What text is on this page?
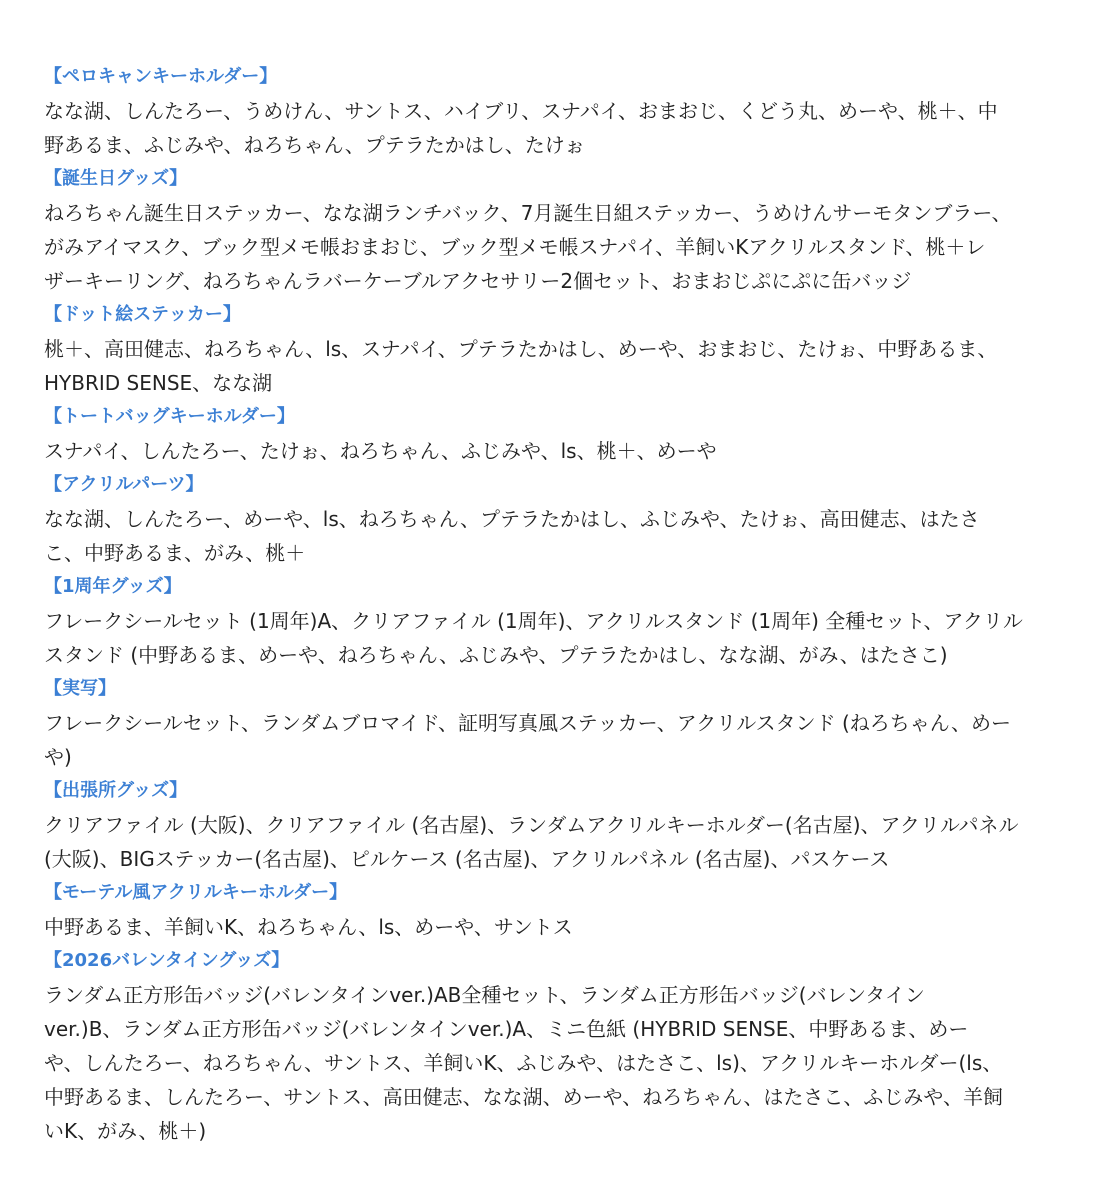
【ペロキャンキーホルダー】
なな湖、しんたろー、うめけん、サントス、ハイブリ、スナパイ、おまおじ、くどう丸、めーや、桃＋、中
野あるま、ふじみや、ねろちゃん、プテラたかはし、たけぉ
【誕生日グッズ】
ねろちゃん誕生日ステッカー、なな湖ランチバック、7月誕生日組ステッカー、うめけんサーモタンブラー、
がみアイマスク、ブック型メモ帳おまおじ、ブック型メモ帳スナパイ、羊飼いKアクリルスタンド、桃＋レ
ザーキーリング、ねろちゃんラバーケーブルアクセサリー2個セット、おまおじぷにぷに缶バッジ
【ドット絵ステッカー】
桃＋、高田健志、ねろちゃん、ls、スナパイ、プテラたかはし、めーや、おまおじ、たけぉ、中野あるま、
HYBRID SENSE、なな湖
【トートバッグキーホルダー】
スナパイ、しんたろー、たけぉ、ねろちゃん、ふじみや、ls、桃＋、めーや
【アクリルパーツ】
なな湖、しんたろー、めーや、ls、ねろちゃん、プテラたかはし、ふじみや、たけぉ、高田健志、はたさ
こ、中野あるま、がみ、桃＋
【1周年グッズ】
フレークシールセット (1周年)A、クリアファイル (1周年)、アクリルスタンド (1周年) 全種セット、アクリル
スタンド (中野あるま、めーや、ねろちゃん、ふじみや、プテラたかはし、なな湖、がみ、はたさこ)
【実写】
フレークシールセット、ランダムブロマイド、証明写真風ステッカー、アクリルスタンド (ねろちゃん、めー
や)
【出張所グッズ】
クリアファイル (大阪)、クリアファイル (名古屋)、ランダムアクリルキーホルダー(名古屋)、アクリルパネル
(大阪)、BIGステッカー(名古屋)、ピルケース (名古屋)、アクリルパネル (名古屋)、パスケース
【モーテル風アクリルキーホルダー】
中野あるま、羊飼いK、ねろちゃん、ls、めーや、サントス
【2026バレンタイングッズ】
ランダム正方形缶バッジ(バレンタインver.)AB全種セット、ランダム正方形缶バッジ(バレンタイン
ver.)B、ランダム正方形缶バッジ(バレンタインver.)A、ミニ色紙 (HYBRID SENSE、中野あるま、めー
や、しんたろー、ねろちゃん、サントス、羊飼いK、ふじみや、はたさこ、ls)、アクリルキーホルダー(ls、
中野あるま、しんたろー、サントス、高田健志、なな湖、めーや、ねろちゃん、はたさこ、ふじみや、羊飼
いK、がみ、桃＋)
